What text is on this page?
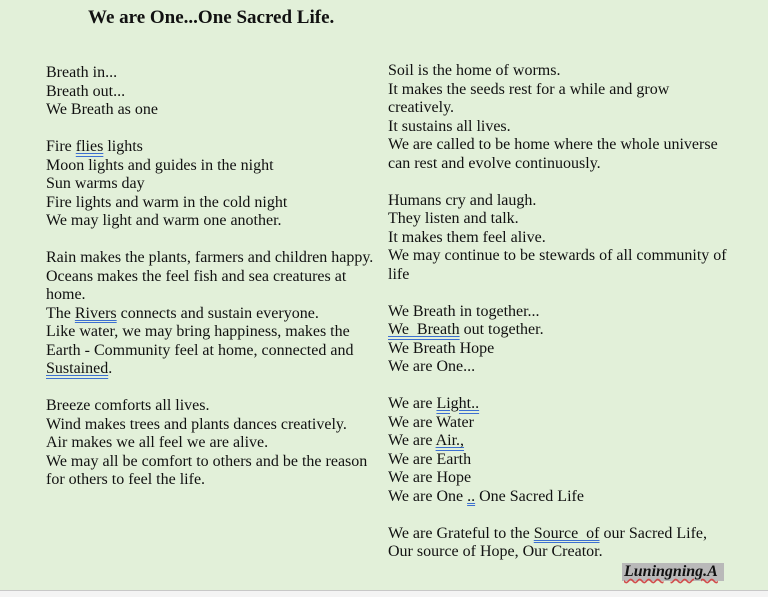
We are One...One Sacred Life.
Breath in...
Breath out...
We Breath as one
Fire flies lights
Moon lights and guides in the night
Sun warms day
Fire lights and warm in the cold night
We may light and warm one another.
Rain makes the plants, farmers and children happy.
Oceans makes the feel fish and sea creatures at home.
The Rivers connects and sustain everyone.
Like water, we may bring happiness, makes the Earth - Community feel at home, connected and Sustained.
Breeze comforts all lives.
Wind makes trees and plants dances creatively.
Air makes we all feel we are alive.
We may all be comfort to others and be the reason for others to feel the life.
Soil is the home of worms.
It makes the seeds rest for a while and grow creatively.
It sustains all lives.
We are called to be home where the whole universe can rest and evolve continuously.
Humans cry and laugh.
They listen and talk.
It makes them feel alive.
We may continue to be stewards of all community of life
We Breath in together...
We  Breath out together.
We Breath Hope
We are One...
We are Light..
We are Water
We are Air.,
We are Earth
We are Hope
We are One .. One Sacred Life
We are Grateful to the Source  of our Sacred Life,
Our source of Hope, Our Creator.
Luningning.A
